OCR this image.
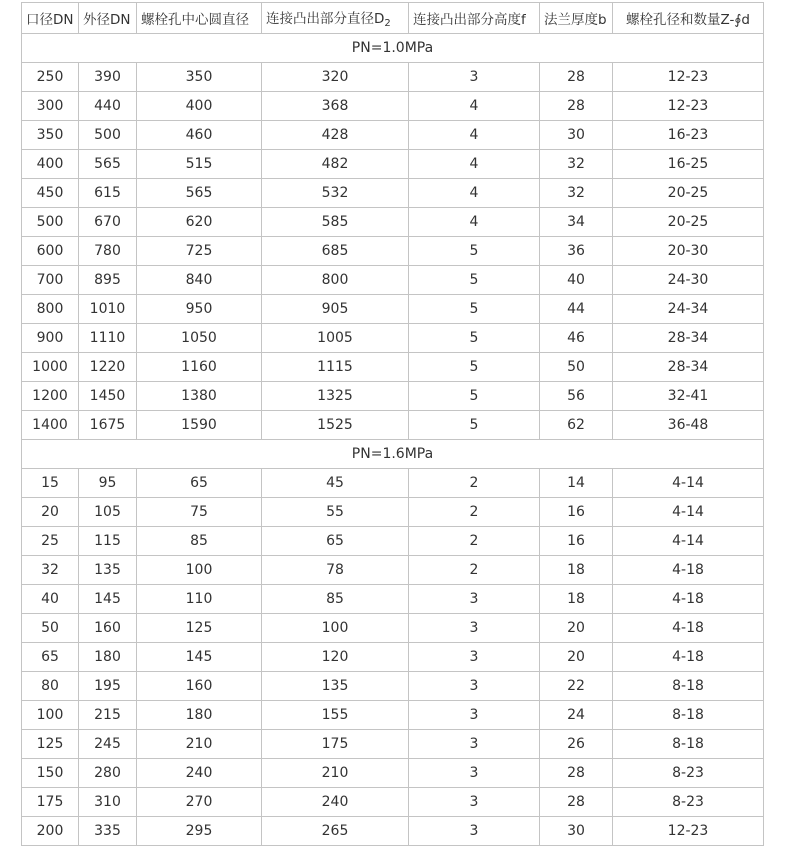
口径DN	外径DN	螺栓孔中心圆直径	连接凸出部分直径$D_2$	连接凸出部分高度f	法兰厚度b	螺栓孔径和数量Z-∮d
PN=1.0MPa						
250	390	350	320	3	28	12-23
300	440	400	368	4	28	12-23
350	500	460	428	4	30	16-23
400	565	515	482	4	32	16-25
450	615	565	532	4	32	20-25
500	670	620	585	4	34	20-25
600	780	725	685	5	36	20-30
700	895	840	800	5	40	24-30
800	1010	950	905	5	44	24-34
900	1110	1050	1005	5	46	28-34
1000	1220	1160	1115	5	50	28-34
1200	1450	1380	1325	5	56	32-41
1400	1675	1590	1525	5	62	36-48
PN=1.6MPa						
15	95	65	45	2	14	4-14
20	105	75	55	2	16	4-14
25	115	85	65	2	16	4-14
32	135	100	78	2	18	4-18
40	145	110	85	3	18	4-18
50	160	125	100	3	20	4-18
65	180	145	120	3	20	4-18
80	195	160	135	3	22	8-18
100	215	180	155	3	24	8-18
125	245	210	175	3	26	8-18
150	280	240	210	3	28	8-23
175	310	270	240	3	28	8-23
200	335	295	265	3	30	12-23
